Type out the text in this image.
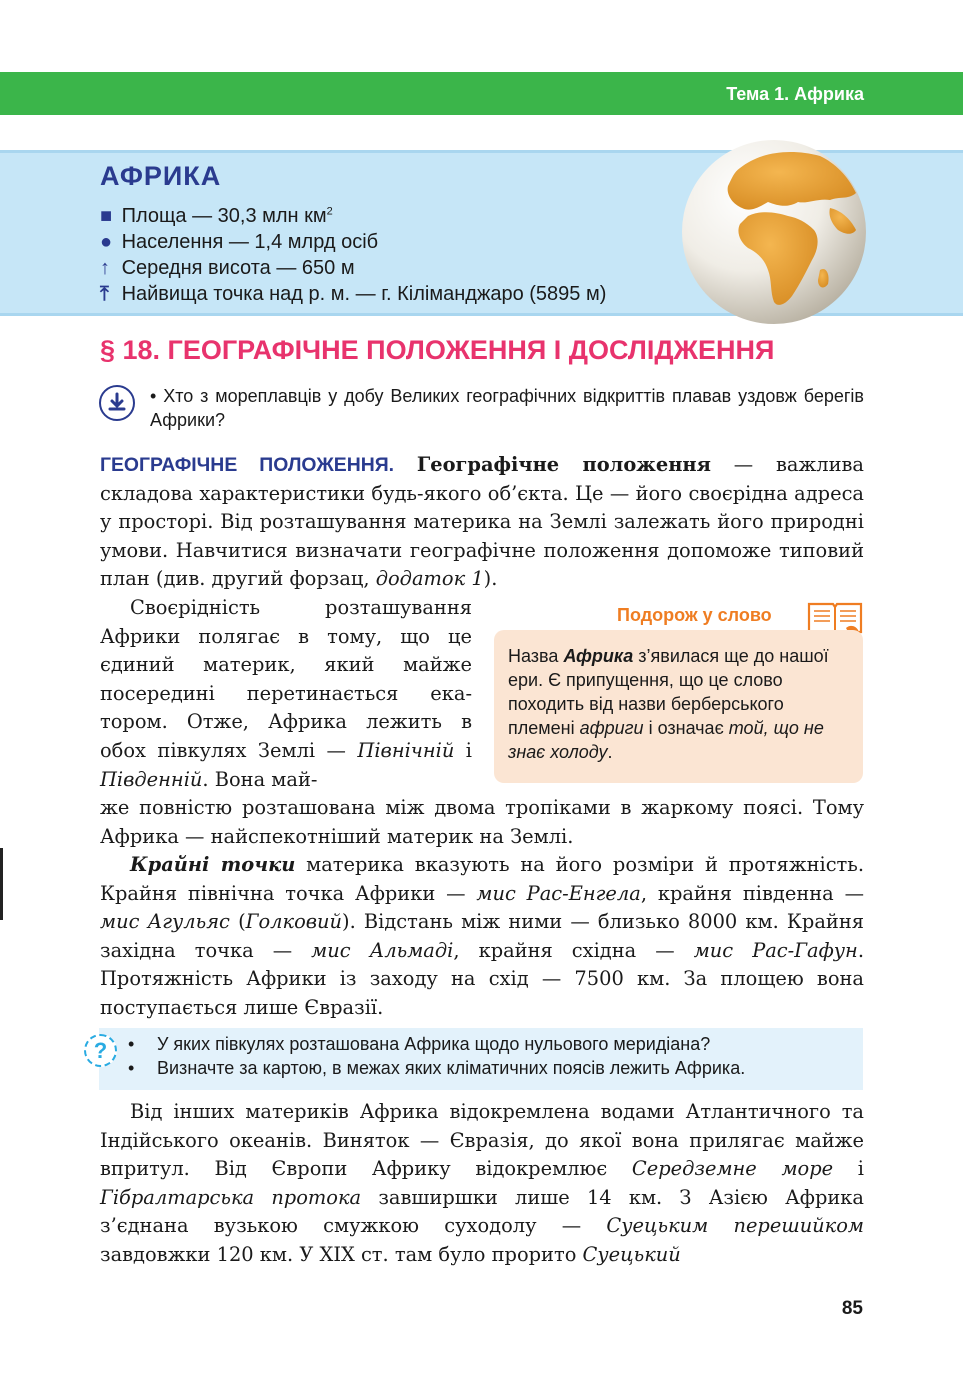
Тема 1. Африка
АФРИКА
■ Площа — 30,3 млн $км^2$
● Населення — 1,4 млрд осіб
↑ Середня висота — 650 м
⤒ Найвища точка над р. м. — г. Кіліманджаро (5895 м)
§ 18. ГЕОГРАФІЧНЕ ПОЛОЖЕННЯ І ДОСЛІДЖЕННЯ
• Хто з мореплавців у добу Великих географічних відкриттів плавав уздовж берегів Африки?
ГЕОГРАФІЧНЕ ПОЛОЖЕННЯ. Географічне положення — важлива складова характеристики будь-якого об’єкта. Це — його своєрідна адреса у просторі. Від розташування материка на Землі залежать його природні умови. Навчитися визначати географічне положення допоможе типовий план (див. другий форзац, додаток 1).
Своєрідність розташування Африки полягає в тому, що це єдиний материк, який майже посередині перетинається екатором. Отже, Африка лежить в обох півкулях Землі — Північній і Південній. Вона май-
Подорож у слово
Назва Африка з’явилася ще до нашої ери. Є припущення, що це слово походить від назви берберського племені африги і означає той, що не знає холоду.
же повністю розташована між двома тропіками в жаркому поясі. Тому Африка — найспекотніший материк на Землі.
Крайні точки материка вказують на його розміри й протяжність. Крайня північна точка Африки — мис Рас-Енгела, крайня південна — мис Агульяс (Голковий). Відстань між ними — близько 8000 км. Крайня західна точка — мис Альмаді, крайня східна — мис Рас-Гафун. Протяжність Африки із заходу на схід — 7500 км. За площею вона поступається лише Євразії.
?	• У яких півкулях розташована Африка щодо нульового меридіана?
• Визначте за картою, в межах яких кліматичних поясів лежить Африка.
Від інших материків Африка відокремлена водами Атлантичного та Індійського океанів. Виняток — Євразія, до якої вона прилягає майже впритул. Від Європи Африку відокремлює Середземне море і Гібралтарська протока завширшки лише 14 км. З Азією Африка з’єднана вузькою смужкою суходолу — Суецьким перешийком завдовжки 120 км. У XIX ст. там було прорито Суецький
85
